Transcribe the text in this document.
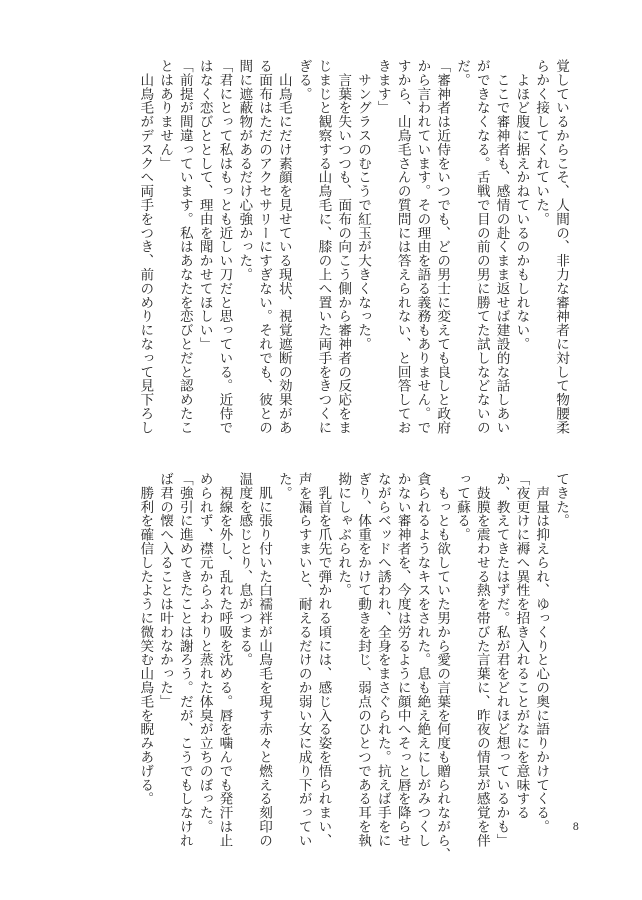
覚しているからこそ、人間の、非力な審神者に対して物腰柔
らかく接してくれていた。
　よほど腹に据えかねているのかもしれない。
　ここで審神者も、感情の赴くまま返せば建設的な話しあい
ができなくなる。舌戦で目の前の男に勝てた試しなどないの
だ。
「審神者は近侍をいつでも、どの男士に変えても良しと政府
から言われています。その理由を語る義務もありません。で
すから、山鳥毛さんの質問には答えられない、と回答してお
きます」
　サングラスのむこうで紅玉が大きくなった。
　言葉を失いつつも、面布の向こう側から審神者の反応をま
じまじと観察する山鳥毛に、膝の上へ置いた両手をきつくに
ぎる。
　山鳥毛にだけ素顔を見せている現状、視覚遮断の効果があ
る面布はただのアクセサリーにすぎない。それでも、彼との
間に遮蔽物があるだけ心強かった。
「君にとって私はもっとも近しい刀だと思っている。近侍で
はなく恋びととして、理由を聞かせてほしい」
「前提が間違っています。私はあなたを恋びとだと認めたこ
とはありません」
　山鳥毛がデスクへ両手をつき、前のめりになって見下ろし
てきた。
　声量は抑えられ、ゆっくりと心の奥に語りかけてくる。
「夜更けに褥へ異性を招き入れることがなにを意味する
か、教えてきたはずだ。私が君をどれほど想っているかも」
　鼓膜を震わせる熱を帯びた言葉に、昨夜の情景が感覚を伴
って蘇る。
　もっとも欲していた男から愛の言葉を何度も贈られながら、
貪られるようなキスをされた。息も絶え絶えにしがみつくし
かない審神者を、今度は労るように顔中へそっと唇を降らせ
ながらベッドへ誘われ、全身をまさぐられた。抗えば手をに
ぎり、体重をかけて動きを封じ、弱点のひとつである耳を執
拗にしゃぶられた。
　乳首を爪先で弾かれる頃には、感じ入る姿を悟られまい、
声を漏らすまいと、耐えるだけのか弱い女に成り下がってい
た。
　肌に張り付いた白襦袢が山鳥毛を現す赤々と燃える刻印の
温度を感じとり、息がつまる。
　視線を外し、乱れた呼吸を沈める。唇を噛んでも発汗は止
められず、襟元からふわりと蒸れた体臭が立ちのぼった。
「強引に進めてきたことは謝ろう。だが、こうでもしなけれ
ば君の懐へ入ることは叶わなかった」
　勝利を確信したように微笑む山鳥毛を睨みあげる。
8
